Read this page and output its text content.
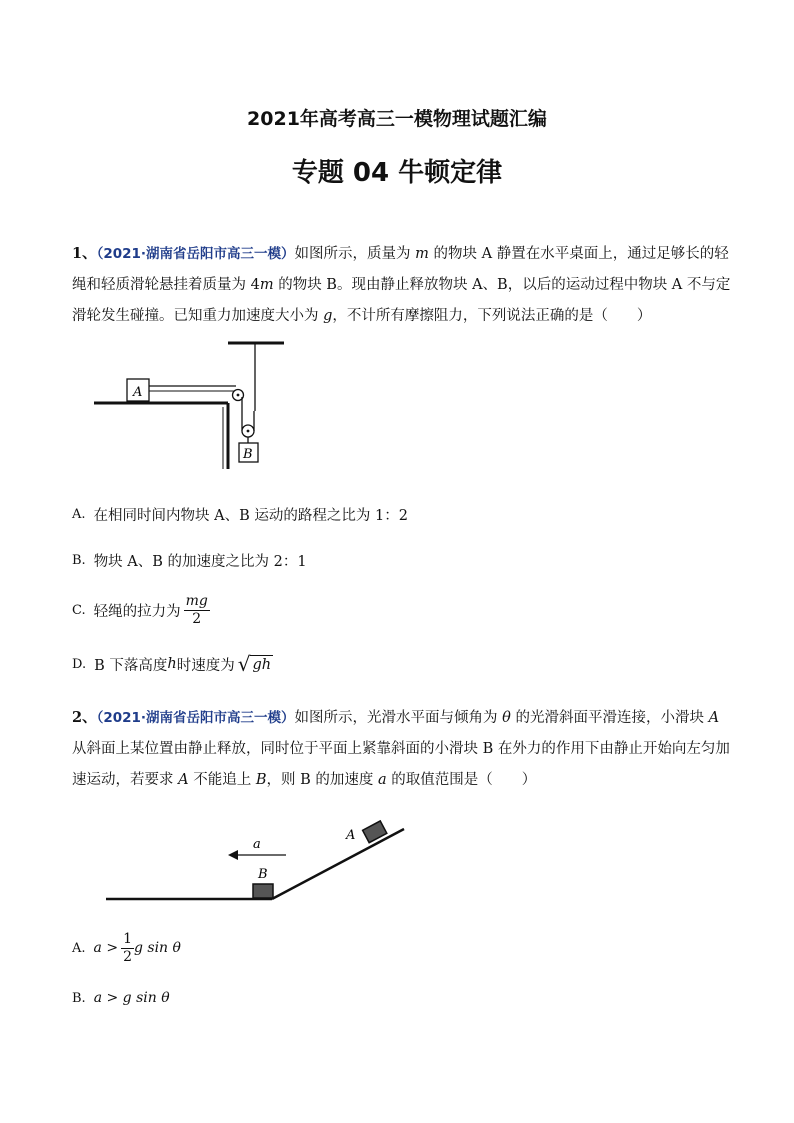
2021年高考高三一模物理试题汇编
专题 04 牛顿定律
1、（2021·湖南省岳阳市高三一模）如图所示，质量为 m 的物块 A 静置在水平桌面上，通过足够长的轻绳和轻质滑轮悬挂着质量为 4m 的物块 B。现由静止释放物块 A、B，以后的运动过程中物块 A 不与定滑轮发生碰撞。已知重力加速度大小为 g，不计所有摩擦阻力，下列说法正确的是（　　）
A
B
A. 在相同时间内物块 A、B 运动的路程之比为 1：2
B. 物块 A、B 的加速度之比为 2：1
C. 轻绳的拉力为 $\frac{mg}{2}$
D. B 下落高度 h 时速度为 √ gh
2、（2021·湖南省岳阳市高三一模）如图所示，光滑水平面与倾角为 θ 的光滑斜面平滑连接，小滑块 A 从斜面上某位置由静止释放，同时位于平面上紧靠斜面的小滑块 B 在外力的作用下由静止开始向左匀加速运动，若要求 A 不能追上 B，则 B 的加速度 a 的取值范围是（　　）
B
A
a
A. $a > \frac{1}{2}$ g sin θ
B. a > g sin θ
